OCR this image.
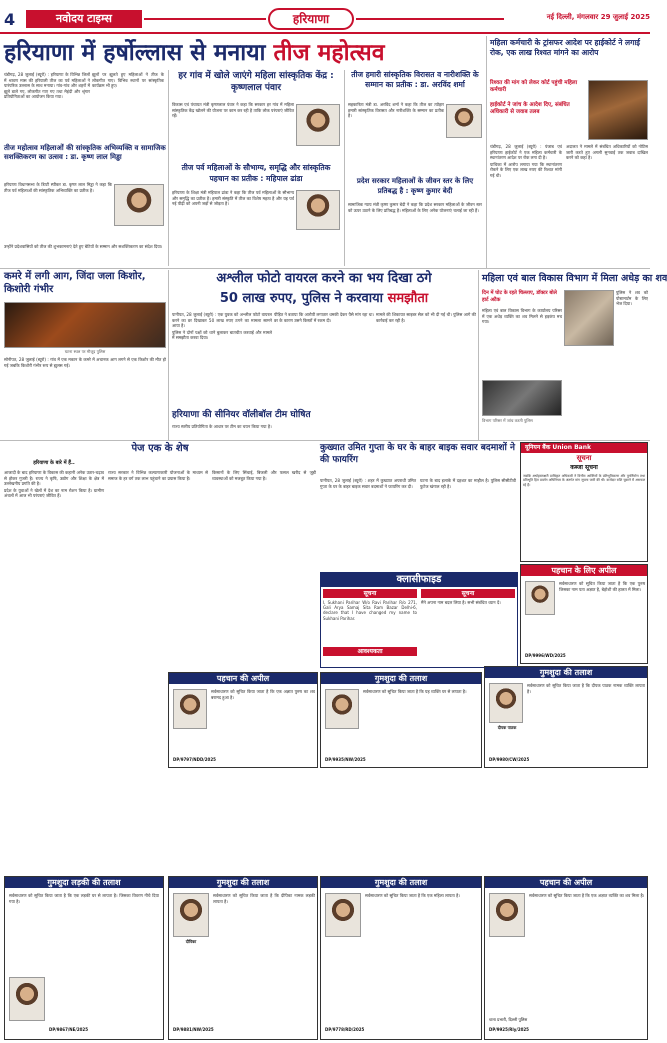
4	नवोदय टाइम्स	हरियाणा	नई दिल्ली, मंगलवार 29 जुलाई 2025
हरियाणा में हर्षोल्लास से मनाया तीज महोत्सव

चंडीगढ़, 28 जुलाई (ब्यूरो) : हरियाणा के विभिन्न जिलों में श्रावण मास की हरियाली तीज का पर्व महिलाओं ने पारंपरिक उल्लास के साथ मनाया। गांव-गांव और शहरों में झूले डाले गए, लोकगीत गाए गए तथा मेहंदी और श्रृंगार प्रतियोगिताओं का आयोजन किया गया।

झूलों पर झूलते हुए महिलाओं ने तीज के लोकगीत गाए। विभिन्न स्थानों पर सांस्कृतिक कार्यक्रम भी हुए।

तीज महोत्सव महिलाओं की सांस्कृतिक अभिव्यक्ति व सामाजिक सशक्तिकरण का उत्सव : डा. कृष्ण लाल मिड्ढा

हरियाणा विधानसभा के डिप्टी स्पीकर डा. कृष्ण लाल मिड्ढा ने कहा कि तीज पर्व महिलाओं की सांस्कृतिक अभिव्यक्ति का प्रतीक है।

उन्होंने प्रदेशवासियों को तीज की शुभकामनाएं देते हुए बेटियों के सम्मान और सशक्तिकरण का संदेश दिया।

हर गांव में खोले जाएंगे महिला सांस्कृतिक केंद्र : कृष्णलाल पंवार

विकास एवं पंचायत मंत्री कृष्णलाल पंवार ने कहा कि सरकार हर गांव में महिला सांस्कृतिक केंद्र खोलने की योजना पर काम कर रही है ताकि लोक परंपराएं जीवित रहें।

तीज पर्व महिलाओं के सौभाग्य, समृद्धि और सांस्कृतिक पहचान का प्रतीक : महिपाल ढांडा

हरियाणा के शिक्षा मंत्री महिपाल ढांडा ने कहा कि तीज पर्व महिलाओं के सौभाग्य और समृद्धि का प्रतीक है। हमारी संस्कृति में तीज का विशेष महत्व है और यह पर्व नई पीढ़ी को अपनी जड़ों से जोड़ता है।

तीज हमारी सांस्कृतिक विरासत व नारीशक्ति के सम्मान का प्रतीक : डा. अरविंद शर्मा

सहकारिता मंत्री डा. अरविंद शर्मा ने कहा कि तीज का त्योहार हमारी सांस्कृतिक विरासत और नारीशक्ति के सम्मान का प्रतीक है।

प्रदेश सरकार महिलाओं के जीवन स्तर के लिए प्रतिबद्ध है : कृष्ण कुमार बेदी

सामाजिक न्याय मंत्री कृष्ण कुमार बेदी ने कहा कि प्रदेश सरकार महिलाओं के जीवन स्तर को ऊपर उठाने के लिए प्रतिबद्ध है। महिलाओं के लिए अनेक योजनाएं चलाई जा रही हैं।

महिला कर्मचारी के ट्रांसफर आदेश पर हाईकोर्ट ने लगाई रोक, एक लाख रिश्वत मांगने का आरोप
रिश्वत की मांग को लेकर कोर्ट पहुंची महिला कर्मचारी
हाईकोर्ट ने जांच के आदेश दिए, संबंधित अधिकारी से जवाब तलब

चंडीगढ़, 28 जुलाई (ब्यूरो) : पंजाब एवं हरियाणा हाईकोर्ट ने एक महिला कर्मचारी के स्थानांतरण आदेश पर रोक लगा दी है।

याचिका में आरोप लगाया गया कि स्थानांतरण रोकने के लिए एक लाख रुपए की रिश्वत मांगी गई थी।

अदालत ने मामले में संबंधित अधिकारियों को नोटिस जारी करते हुए अगली सुनवाई तक जवाब दाखिल करने को कहा है।

कमरे में लगी आग, जिंदा जला किशोर, किशोरी गंभीर
घटना स्थल पर मौजूद पुलिस

सोनीपत, 28 जुलाई (ब्यूरो) : गांव में एक मकान के कमरे में अचानक आग लगने से एक किशोर की मौत हो गई जबकि किशोरी गंभीर रूप से झुलस गई।

अश्लील फोटो वायरल करने का भय दिखा ठगे
50 लाख रुपए, पुलिस ने करवाया समझौता

पानीपत, 28 जुलाई (ब्यूरो) : एक युवक को अश्लील फोटो वायरल करने का डर दिखाकर 50 लाख रुपए ठगने का मामला सामने आया है।

पुलिस ने दोनों पक्षों को थाने बुलाकर बातचीत करवाई और मामले में समझौता करवा दिया।

पीड़ित ने बताया कि आरोपी लगातार धमकी देकर पैसे मांग रहा था। डर के कारण उसने किस्तों में रकम दी।

मामले की शिकायत साइबर सेल को भी दी गई थी। पुलिस आगे की कार्रवाई कर रही है।

हरियाणा की सीनियर वॉलीबॉल टीम घोषित

राज्य स्तरीय प्रतियोगिता के आधार पर टीम का चयन किया गया है।

महिला एवं बाल विकास विभाग में मिला अधेड़ का शव
दिन में घोट के रहते चिल्लाए, डॉक्टर बोले हार्ट अटैक

महिला एवं बाल विकास विभाग के कार्यालय परिसर में एक अधेड़ व्यक्ति का शव मिलने से हड़कंप मच गया।

पुलिस ने शव को पोस्टमार्टम के लिए भेज दिया।

विभाग परिसर में जांच करती पुलिस
कुख्यात उमित गुप्ता के घर के बाहर बाइक सवार बदमाशों ने की फायरिंग

पानीपत, 28 जुलाई (ब्यूरो) : शहर में कुख्यात अपराधी उमित गुप्ता के घर के बाहर बाइक सवार बदमाशों ने फायरिंग कर दी।

घटना के बाद इलाके में दहशत का माहौल है। पुलिस सीसीटीवी फुटेज खंगाल रही है।

यूनियन बैंक Union Bank
सूचना
कब्जा सूचना
जबकि अधोहस्ताक्षरी प्राधिकृत अधिकारी ने वित्तीय आस्तियों के प्रतिभूतिकरण और पुनर्निर्माण तथा प्रतिभूति हित प्रवर्तन अधिनियम के अंतर्गत मांग सूचना जारी की थी। कर्जदार राशि चुकाने में असफल रहे हैं।
पेज एक के शेष
हरियाणा के बारे में हैं..

आजादी के बाद हरियाणा के विकास की कहानी अनेक उतार-चढ़ाव से होकर गुजरी है। राज्य ने कृषि, उद्योग और शिक्षा के क्षेत्र में उल्लेखनीय प्रगति की है।

प्रदेश के युवाओं ने खेलों में देश का नाम रोशन किया है। ग्रामीण अंचलों में आज भी परंपराएं जीवित हैं।

राज्य सरकार ने विभिन्न कल्याणकारी योजनाओं के माध्यम से समाज के हर वर्ग तक लाभ पहुंचाने का प्रयास किया है।

किसानों के लिए सिंचाई, बिजली और फसल खरीद से जुड़ी व्यवस्थाओं को मजबूत किया गया है।

क्लासीफाइड
सूचना	सूचना
I, Sukhani Parihar W/o Ravi Parihar R/o 271, Gali Arya Samaj Sita Ram Bazar Delhi-6, declare that I have changed my name to Sukhani Parihar.
मैंने अपना नाम बदल लिया है। सभी संबंधित ध्यान दें।
आवश्यकता
पहचान के लिए अपील
सर्वसाधारण को सूचित किया जाता है कि एक पुरुष जिसका नाम पता अज्ञात है, बेहोशी की हालत में मिला।
DP/9996/WD/2025
पहचान की अपील
सर्वसाधारण को सूचित किया जाता है कि एक अज्ञात पुरुष का शव बरामद हुआ है।
DP/9797/NDD/2025
गुमशुदा की तलाश
सर्वसाधारण को सूचित किया जाता है कि यह व्यक्ति घर से लापता है।
DP/9935/NW/2025
गुमशुदा की तलाश
दीपक पाठक
सर्वसाधारण को सूचित किया जाता है कि दीपक पाठक नामक व्यक्ति लापता है।
DP/9980/CW/2025
गुमशुदा लड़की की तलाश
सर्वसाधारण को सूचित किया जाता है कि एक लड़की घर से लापता है। जिसका विवरण नीचे दिया गया है।
DP/9867/NE/2025
गुमशुदा की तलाश
दीपिका
सर्वसाधारण को सूचित किया जाता है कि दीपिका नामक लड़की लापता है।
DP/9881/NW/2025
गुमशुदा की तलाश
सर्वसाधारण को सूचित किया जाता है कि एक महिला लापता है।
DP/9778/RD/2025
पहचान की अपील
सर्वसाधारण को सूचित किया जाता है कि एक अज्ञात व्यक्ति का शव मिला है।
थाना प्रभारी, दिल्ली पुलिस
DP/9925/Rly/2025
